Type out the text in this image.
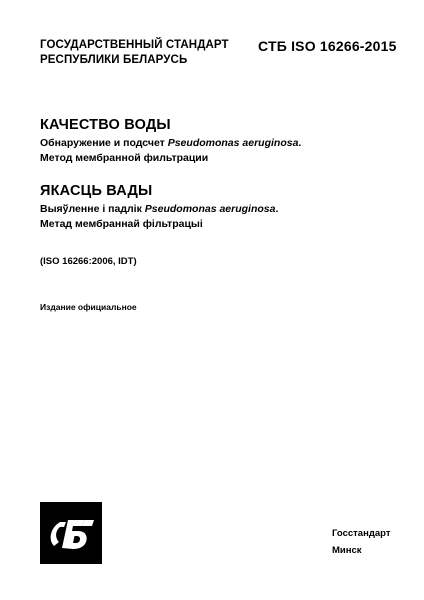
ГОСУДАРСТВЕННЫЙ СТАНДАРТ
РЕСПУБЛИКИ БЕЛАРУСЬ
СТБ ISO 16266-2015
КАЧЕСТВО ВОДЫ
Обнаружение и подсчет Pseudomonas aeruginosa.
Метод мембранной фильтрации
ЯКАСЦЬ ВАДЫ
Выяўленне і падлік Pseudomonas aeruginosa.
Метад мембраннай фільтрацыі
(ISO 16266:2006, IDT)
Издание официальное
Госстандарт
Минск
